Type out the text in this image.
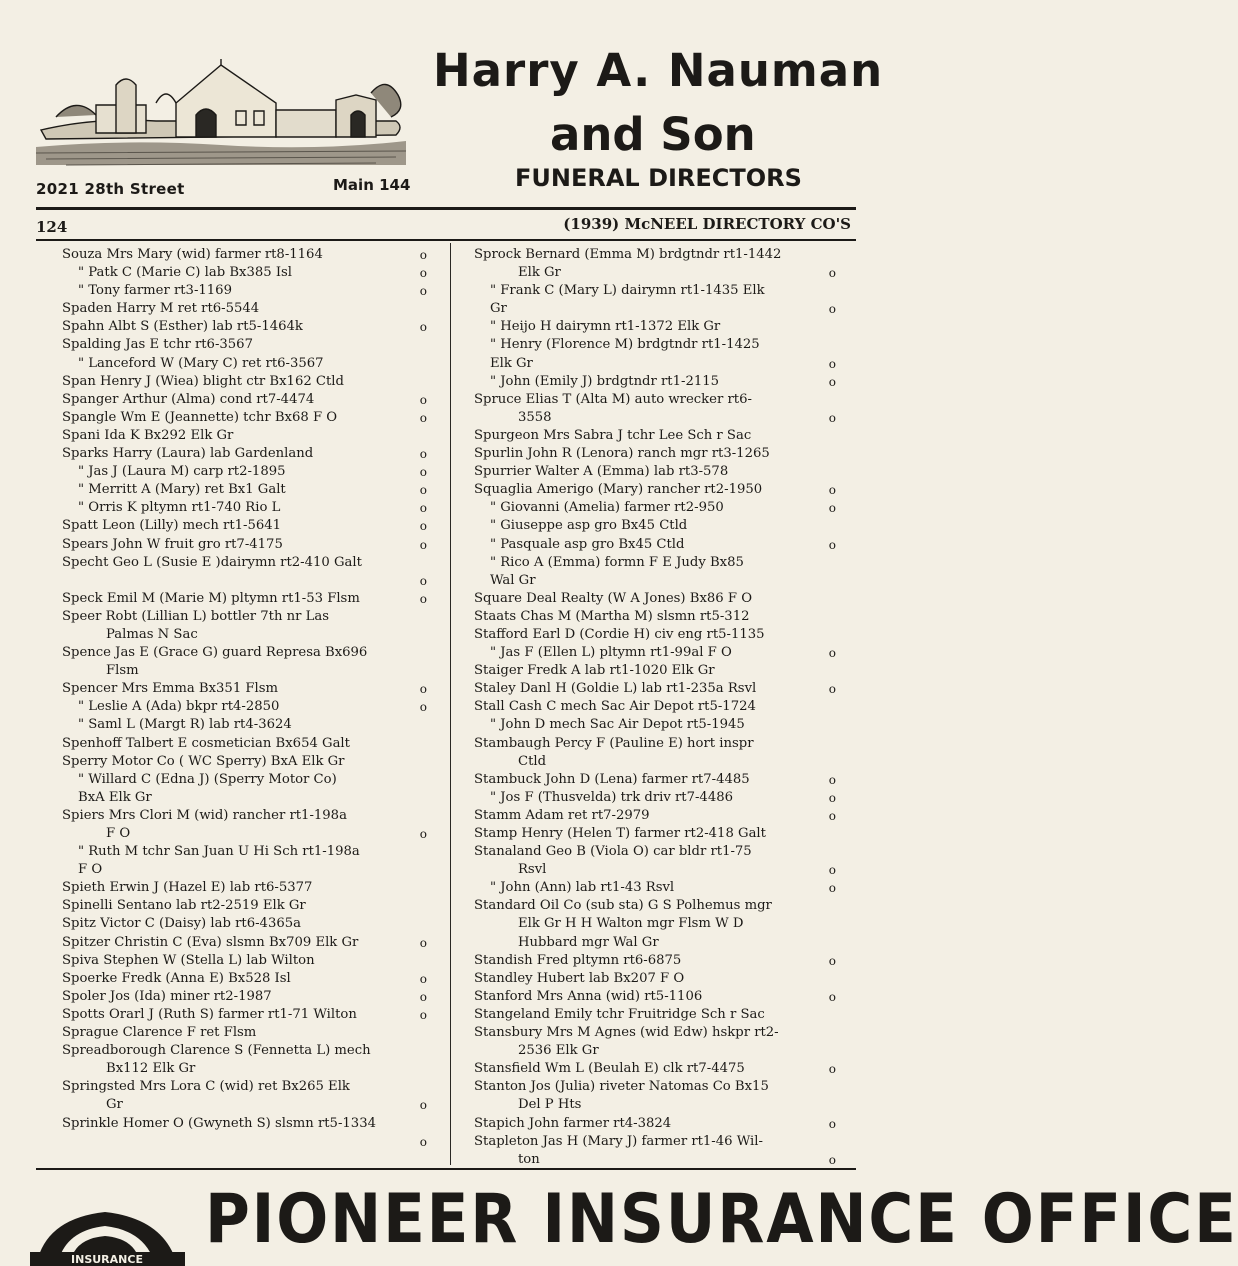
2021 28th Street	Main 144
Harry A. Nauman
and Son
FUNERAL DIRECTORS
124	(1939) McNEEL DIRECTORY CO'S
Souza Mrs Mary (wid) farmer rt8-1164	o
" Patk C (Marie C) lab Bx385 Isl	o
" Tony farmer rt3-1169	o
Spaden Harry M ret rt6-5544
Spahn Albt S (Esther) lab rt5-1464k	o
Spalding Jas E tchr rt6-3567
" Lanceford W (Mary C) ret rt6-3567
Span Henry J (Wiea) blight ctr Bx162 Ctld
Spanger Arthur (Alma) cond rt7-4474	o
Spangle Wm E (Jeannette) tchr Bx68 F O	o
Spani Ida K Bx292 Elk Gr
Sparks Harry (Laura) lab Gardenland	o
" Jas J (Laura M) carp rt2-1895	o
" Merritt A (Mary) ret Bx1 Galt	o
" Orris K pltymn rt1-740 Rio L	o
Spatt Leon (Lilly) mech rt1-5641	o
Spears John W fruit gro rt7-4175	o
Specht Geo L (Susie E )dairymn rt2-410 Galt

o
Speck Emil M (Marie M) pltymn rt1-53 Flsm	o
Speer Robt (Lillian L) bottler 7th nr Las
Palmas N Sac
Spence Jas E (Grace G) guard Represa Bx696
Flsm
Spencer Mrs Emma Bx351 Flsm	o
" Leslie A (Ada) bkpr rt4-2850	o
" Saml L (Margt R) lab rt4-3624
Spenhoff Talbert E cosmetician Bx654 Galt
Sperry Motor Co ( WC Sperry) BxA Elk Gr
" Willard C (Edna J) (Sperry Motor Co)
BxA Elk Gr
Spiers Mrs Clori M (wid) rancher rt1-198a
F O	o
" Ruth M tchr San Juan U Hi Sch rt1-198a
F O
Spieth Erwin J (Hazel E) lab rt6-5377
Spinelli Sentano lab rt2-2519 Elk Gr
Spitz Victor C (Daisy) lab rt6-4365a
Spitzer Christin C (Eva) slsmn Bx709 Elk Gr	o
Spiva Stephen W (Stella L) lab Wilton
Spoerke Fredk (Anna E) Bx528 Isl	o
Spoler Jos (Ida) miner rt2-1987	o
Spotts Orarl J (Ruth S) farmer rt1-71 Wilton	o
Sprague Clarence F ret Flsm
Spreadborough Clarence S (Fennetta L) mech
Bx112 Elk Gr
Springsted Mrs Lora C (wid) ret Bx265 Elk
Gr	o
Sprinkle Homer O (Gwyneth S) slsmn rt5-1334

o
Sprock Bernard (Emma M) brdgtndr rt1-1442
Elk Gr	o
" Frank C (Mary L) dairymn rt1-1435 Elk
Gr	o
" Heijo H dairymn rt1-1372 Elk Gr
" Henry (Florence M) brdgtndr rt1-1425
Elk Gr	o
" John (Emily J) brdgtndr rt1-2115	o
Spruce Elias T (Alta M) auto wrecker rt6-
3558	o
Spurgeon Mrs Sabra J tchr Lee Sch r Sac
Spurlin John R (Lenora) ranch mgr rt3-1265
Spurrier Walter A (Emma) lab rt3-578
Squaglia Amerigo (Mary) rancher rt2-1950	o
" Giovanni (Amelia) farmer rt2-950	o
" Giuseppe asp gro Bx45 Ctld
" Pasquale asp gro Bx45 Ctld	o
" Rico A (Emma) formn F E Judy Bx85
Wal Gr
Square Deal Realty (W A Jones) Bx86 F O
Staats Chas M (Martha M) slsmn rt5-312
Stafford Earl D (Cordie H) civ eng rt5-1135
" Jas F (Ellen L) pltymn rt1-99al F O	o
Staiger Fredk A lab rt1-1020 Elk Gr
Staley Danl H (Goldie L) lab rt1-235a Rsvl	o
Stall Cash C mech Sac Air Depot rt5-1724
" John D mech Sac Air Depot rt5-1945
Stambaugh Percy F (Pauline E) hort inspr
Ctld
Stambuck John D (Lena) farmer rt7-4485	o
" Jos F (Thusvelda) trk driv rt7-4486	o
Stamm Adam ret rt7-2979	o
Stamp Henry (Helen T) farmer rt2-418 Galt
Stanaland Geo B (Viola O) car bldr rt1-75
Rsvl	o
" John (Ann) lab rt1-43 Rsvl	o
Standard Oil Co (sub sta) G S Polhemus mgr
Elk Gr H H Walton mgr Flsm W D
Hubbard mgr Wal Gr
Standish Fred pltymn rt6-6875	o
Standley Hubert lab Bx207 F O
Stanford Mrs Anna (wid) rt5-1106	o
Stangeland Emily tchr Fruitridge Sch r Sac
Stansbury Mrs M Agnes (wid Edw) hskpr rt2-
2536 Elk Gr
Stansfield Wm L (Beulah E) clk rt7-4475	o
Stanton Jos (Julia) riveter Natomas Co Bx15
Del P Hts
Stapich John farmer rt4-3824	o
Stapleton Jas H (Mary J) farmer rt1-46 Wil-
ton	o
INSURANCE
PIONEER INSURANCE OFFICE
